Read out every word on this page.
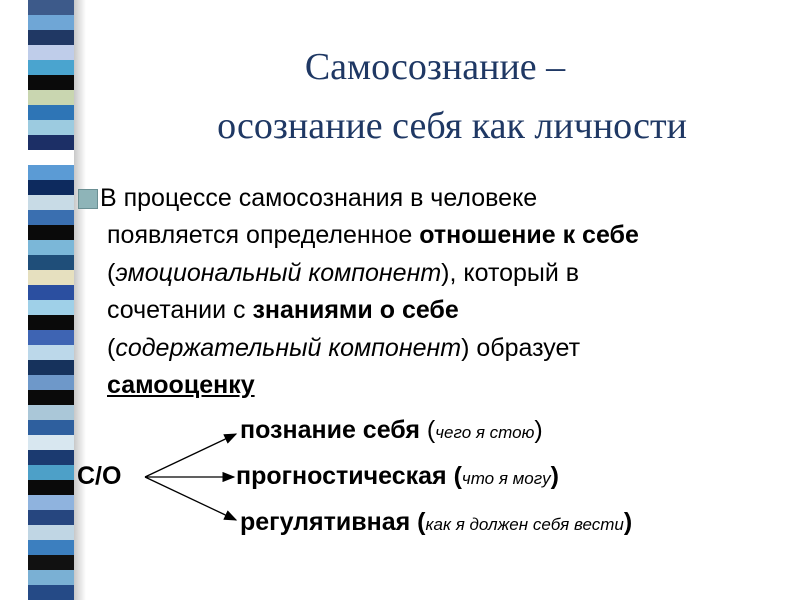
Самосознание –
осознание себя как личности
В процессе самосознания в человеке
появляется определенное отношение к себе
(эмоциональный компонент), который в
сочетании с знаниями о себе
(содержательный компонент) образует
самооценку
С/О
познание себя (чего я стою)
прогностическая (что я могу)
регулятивная (как я должен себя вести)
